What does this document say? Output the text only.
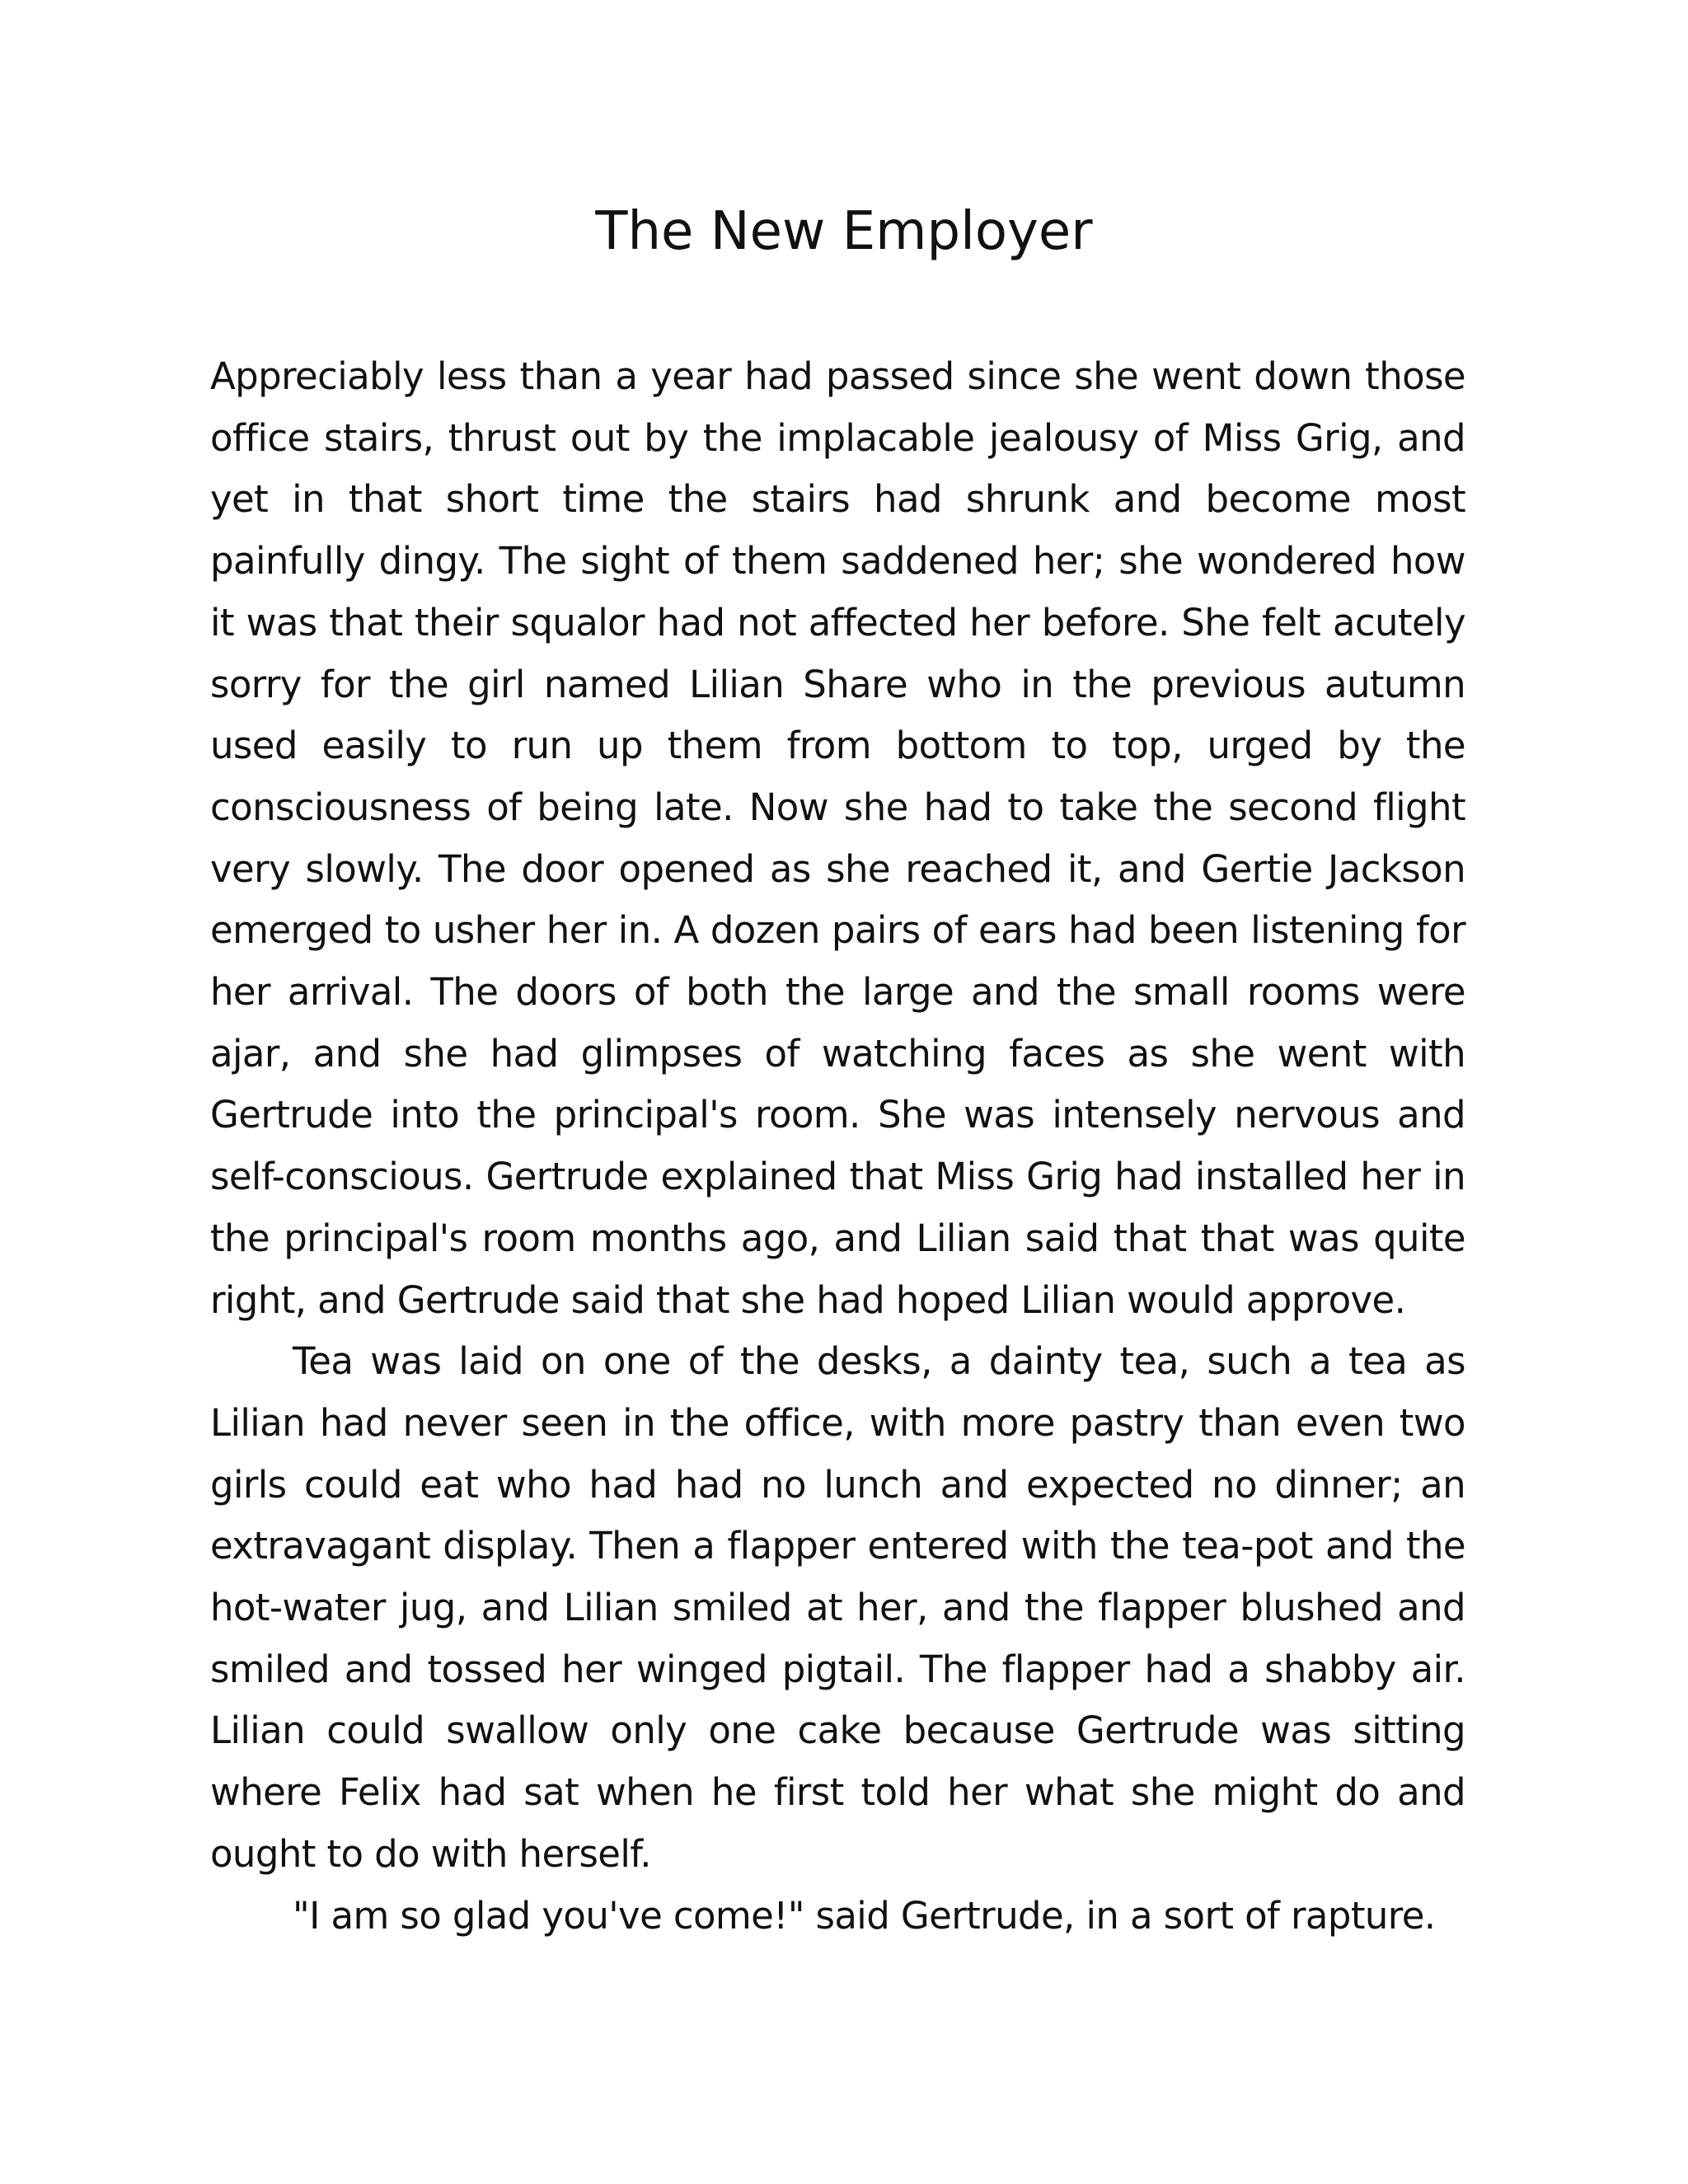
The New Employer

Appreciably less than a year had passed since she went down those office stairs, thrust out by the implacable jealousy of Miss Grig, and yet in that short time the stairs had shrunk and become most painfully dingy. The sight of them saddened her; she wondered how it was that their squalor had not affected her before. She felt acutely sorry for the girl named Lilian Share who in the previous autumn used easily to run up them from bottom to top, urged by the consciousness of being late. Now she had to take the second flight very slowly. The door opened as she reached it, and Gertie Jackson emerged to usher her in. A dozen pairs of ears had been listening for her arrival. The doors of both the large and the small rooms were ajar, and she had glimpses of watching faces as she went with Gertrude into the principal's room. She was intensely nervous and self-conscious. Gertrude explained that Miss Grig had installed her in the principal's room months ago, and Lilian said that that was quite right, and Gertrude said that she had hoped Lilian would approve.

Tea was laid on one of the desks, a dainty tea, such a tea as Lilian had never seen in the office, with more pastry than even two girls could eat who had had no lunch and expected no dinner; an extravagant display. Then a flapper entered with the tea-pot and the hot-water jug, and Lilian smiled at her, and the flapper blushed and smiled and tossed her winged pigtail. The flapper had a shabby air. Lilian could swallow only one cake because Gertrude was sitting where Felix had sat when he first told her what she might do and ought to do with herself.

"I am so glad you've come!" said Gertrude, in a sort of rapture.
